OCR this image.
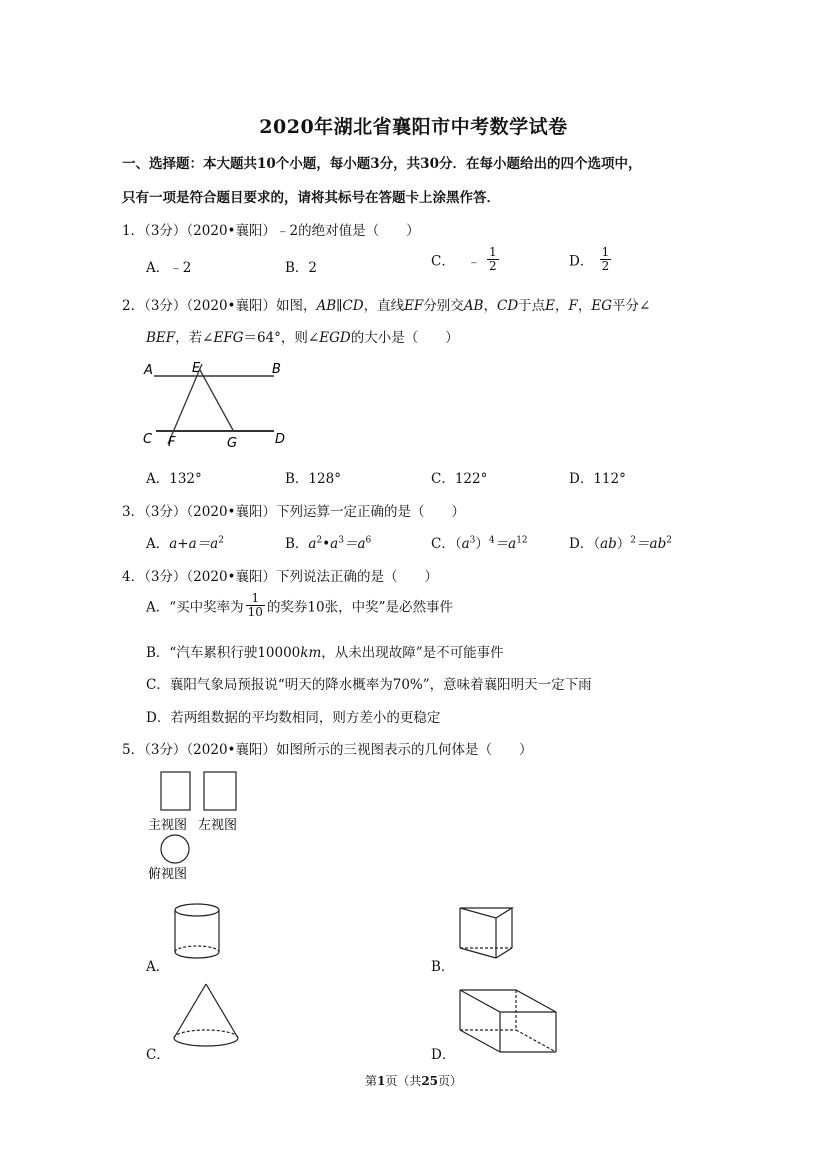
2020年湖北省襄阳市中考数学试卷
一、选择题：本大题共10个小题，每小题3分，共30分．在每小题给出的四个选项中，
只有一项是符合题目要求的，请将其标号在答题卡上涂黑作答．
1．（3分）（2020•襄阳）﹣2的绝对值是（　　）
A．﹣2	B．2	C． ﹣ $\frac{1}{2}$	D． $\frac{1}{2}$
2．（3分）（2020•襄阳）如图，AB∥CD，直线EF分别交AB，CD于点E，F，EG平分∠
BEF，若∠EFG＝64°，则∠EGD的大小是（　　）
A	E	B
C F	G	D
A．132°	B．128°	C．122°	D．112°
3．（3分）（2020•襄阳）下列运算一定正确的是（　　）
A．$a+a=a^2$	B．$a^2•a^3=a^6$	C．$(a^3)^4=a^{12}$	D．$(ab)^2=ab^2$
4．（3分）（2020•襄阳）下列说法正确的是（　　）
A．“买中奖率为 $\frac{1}{10}$ 的奖券10张，中奖”是必然事件
B．“汽车累积行驶10000km，从未出现故障”是不可能事件
C．襄阳气象局预报说“明天的降水概率为70%”，意味着襄阳明天一定下雨
D．若两组数据的平均数相同，则方差小的更稳定
5．（3分）（2020•襄阳）如图所示的三视图表示的几何体是（　　）
主视图 左视图
俯视图
A．	B．
C．	D．
第1页（共25页）
